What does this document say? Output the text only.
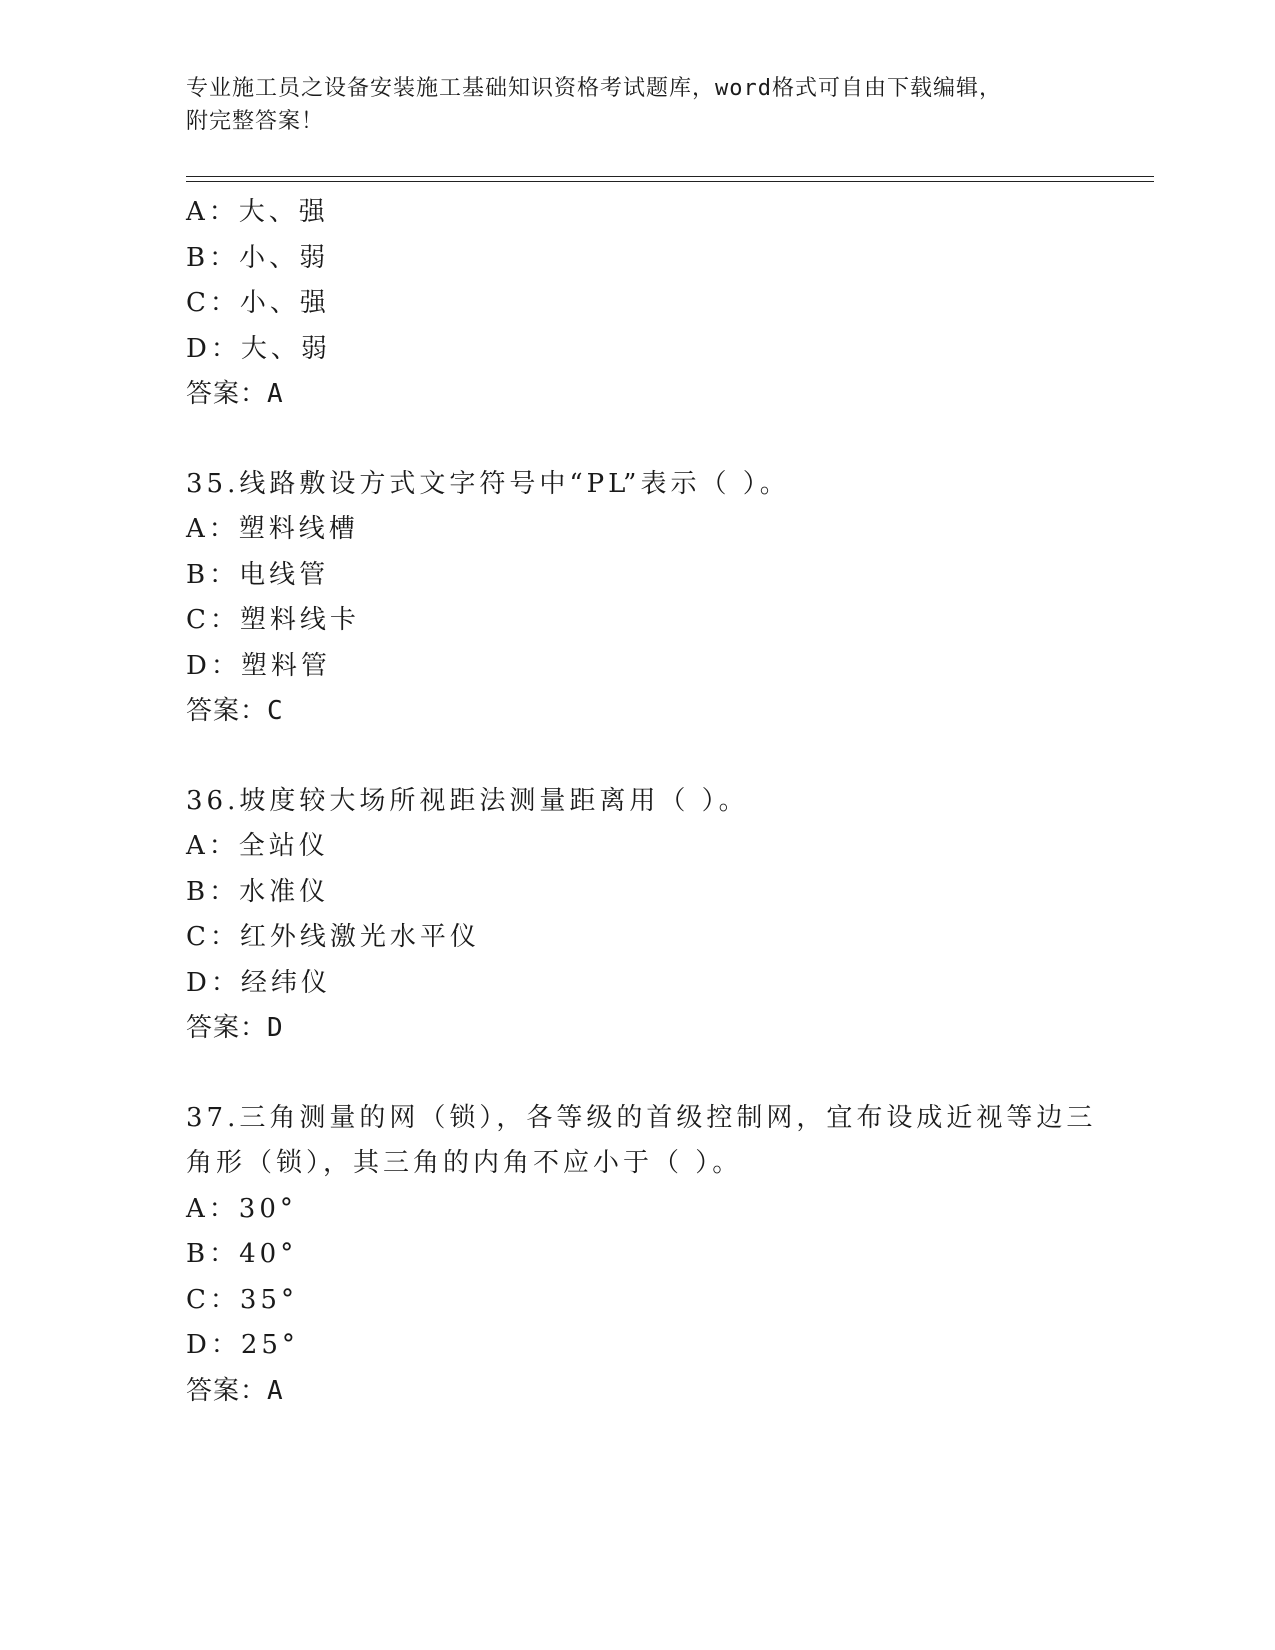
专业施工员之设备安装施工基础知识资格考试题库，word格式可自由下载编辑，
附完整答案！
A：大、强
B：小、弱
C：小、强
D：大、弱
答案：A
35.线路敷设方式文字符号中“PL”表示（ ）。
A：塑料线槽
B：电线管
C：塑料线卡
D：塑料管
答案：C
36.坡度较大场所视距法测量距离用（ ）。
A：全站仪
B：水准仪
C：红外线激光水平仪
D：经纬仪
答案：D
37.三角测量的网（锁），各等级的首级控制网，宜布设成近视等边三
角形（锁），其三角的内角不应小于（ ）。
A：30°
B：40°
C：35°
D：25°
答案：A
